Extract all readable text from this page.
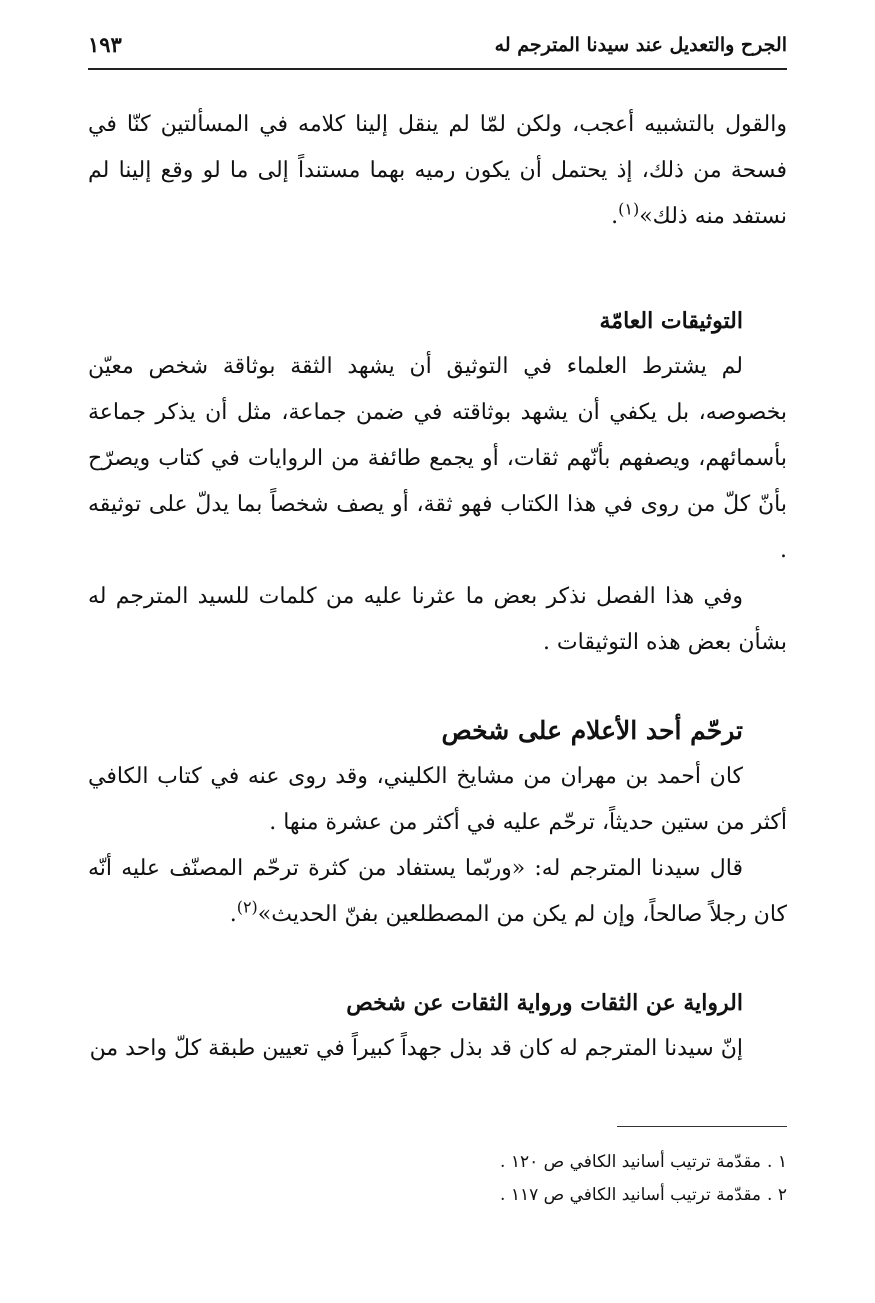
الجرح والتعديل عند سيدنا المترجم له
١٩٣

والقول بالتشبيه أعجب، ولكن لمّا لم ينقل إلينا كلامه في المسألتين كنّا في فسحة من ذلك، إذ يحتمل أن يكون رميه بهما مستنداً إلى ما لو وقع إلينا لم نستفد منه ذلك»$^{(١)}$.

التوثيقات العامّة

لم يشترط العلماء في التوثيق أن يشهد الثقة بوثاقة شخص معيّن بخصوصه، بل يكفي أن يشهد بوثاقته في ضمن جماعة، مثل أن يذكر جماعة بأسمائهم، ويصفهم بأنّهم ثقات، أو يجمع طائفة من الروايات في كتاب ويصرّح بأنّ كلّ من روى في هذا الكتاب فهو ثقة، أو يصف شخصاً بما يدلّ على توثيقه .

وفي هذا الفصل نذكر بعض ما عثرنا عليه من كلمات للسيد المترجم له بشأن بعض هذه التوثيقات .

ترحّم أحد الأعلام على شخص

كان أحمد بن مهران من مشايخ الكليني، وقد روى عنه في كتاب الكافي أكثر من ستين حديثاً، ترحّم عليه في أكثر من عشرة منها .

قال سيدنا المترجم له: «وربّما يستفاد من كثرة ترحّم المصنّف عليه أنّه كان رجلاً صالحاً، وإن لم يكن من المصطلعين بفنّ الحديث»$^{(٢)}$.

الرواية عن الثقات ورواية الثقات عن شخص

إنّ سيدنا المترجم له كان قد بذل جهداً كبيراً في تعيين طبقة كلّ واحد من

١ .
مقدّمة ترتيب أسانيد الكافي ص ١٢٠ .
٢ .
مقدّمة ترتيب أسانيد الكافي ص ١١٧ .
